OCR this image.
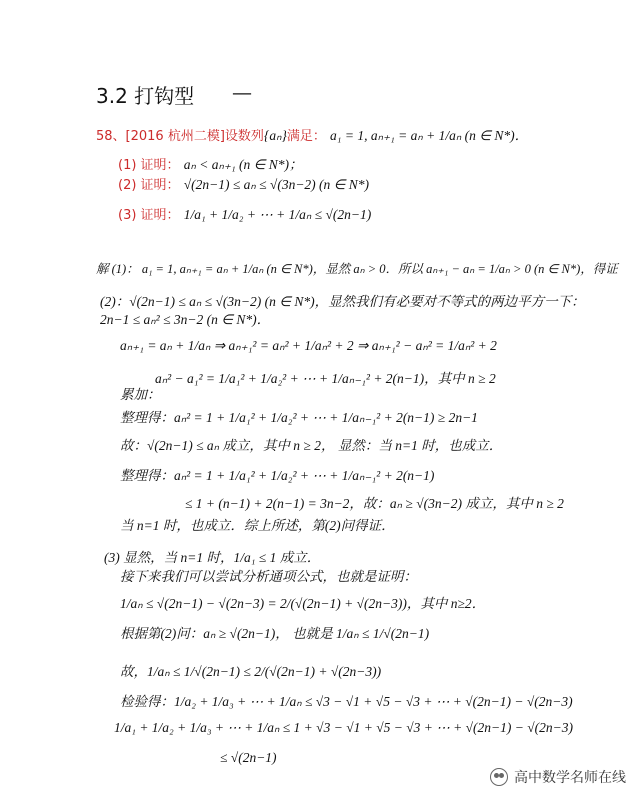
3.2 打钩型 —
58、[2016 杭州二模]设数列{aₙ}满足： a₁ = 1, aₙ₊₁ = aₙ + 1/aₙ (n ∈ N*)．
(1) 证明： aₙ < aₙ₊₁ (n ∈ N*)；
(2) 证明： √(2n−1) ≤ aₙ ≤ √(3n−2) (n ∈ N*)
(3) 证明： 1/a₁ + 1/a₂ + ⋯ + 1/aₙ ≤ √(2n−1)
解 (1)： a₁ = 1, aₙ₊₁ = aₙ + 1/aₙ (n ∈ N*)，显然 aₙ > 0．所以 aₙ₊₁ − aₙ = 1/aₙ > 0 (n ∈ N*)，得证
(2)：√(2n−1) ≤ aₙ ≤ √(3n−2) (n ∈ N*)，显然我们有必要对不等式的两边平方一下：
2n−1 ≤ aₙ² ≤ 3n−2 (n ∈ N*)．
aₙ₊₁ = aₙ + 1/aₙ ⇒ aₙ₊₁² = aₙ² + 1/aₙ² + 2 ⇒ aₙ₊₁² − aₙ² = 1/aₙ² + 2
aₙ² − a₁² = 1/a₁² + 1/a₂² + ⋯ + 1/aₙ₋₁² + 2(n−1)，其中 n ≥ 2
累加：
整理得：aₙ² = 1 + 1/a₁² + 1/a₂² + ⋯ + 1/aₙ₋₁² + 2(n−1) ≥ 2n−1
故：√(2n−1) ≤ aₙ 成立，其中 n ≥ 2， 显然：当 n=1 时，也成立．
整理得：aₙ² = 1 + 1/a₁² + 1/a₂² + ⋯ + 1/aₙ₋₁² + 2(n−1)
≤ 1 + (n−1) + 2(n−1) = 3n−2，故：aₙ ≥ √(3n−2) 成立，其中 n ≥ 2
当 n=1 时，也成立．综上所述，第(2)问得证．
(3) 显然，当 n=1 时，1/a₁ ≤ 1 成立．
接下来我们可以尝试分析通项公式，也就是证明：
1/aₙ ≤ √(2n−1) − √(2n−3) = 2/(√(2n−1) + √(2n−3))，其中 n≥2．
根据第(2)问：aₙ ≥ √(2n−1)， 也就是 1/aₙ ≤ 1/√(2n−1)
故，1/aₙ ≤ 1/√(2n−1) ≤ 2/(√(2n−1) + √(2n−3))
检验得：1/a₂ + 1/a₃ + ⋯ + 1/aₙ ≤ √3 − √1 + √5 − √3 + ⋯ + √(2n−1) − √(2n−3)
1/a₁ + 1/a₂ + 1/a₃ + ⋯ + 1/aₙ ≤ 1 + √3 − √1 + √5 − √3 + ⋯ + √(2n−1) − √(2n−3)
≤ √(2n−1)
高中数学名师在线
